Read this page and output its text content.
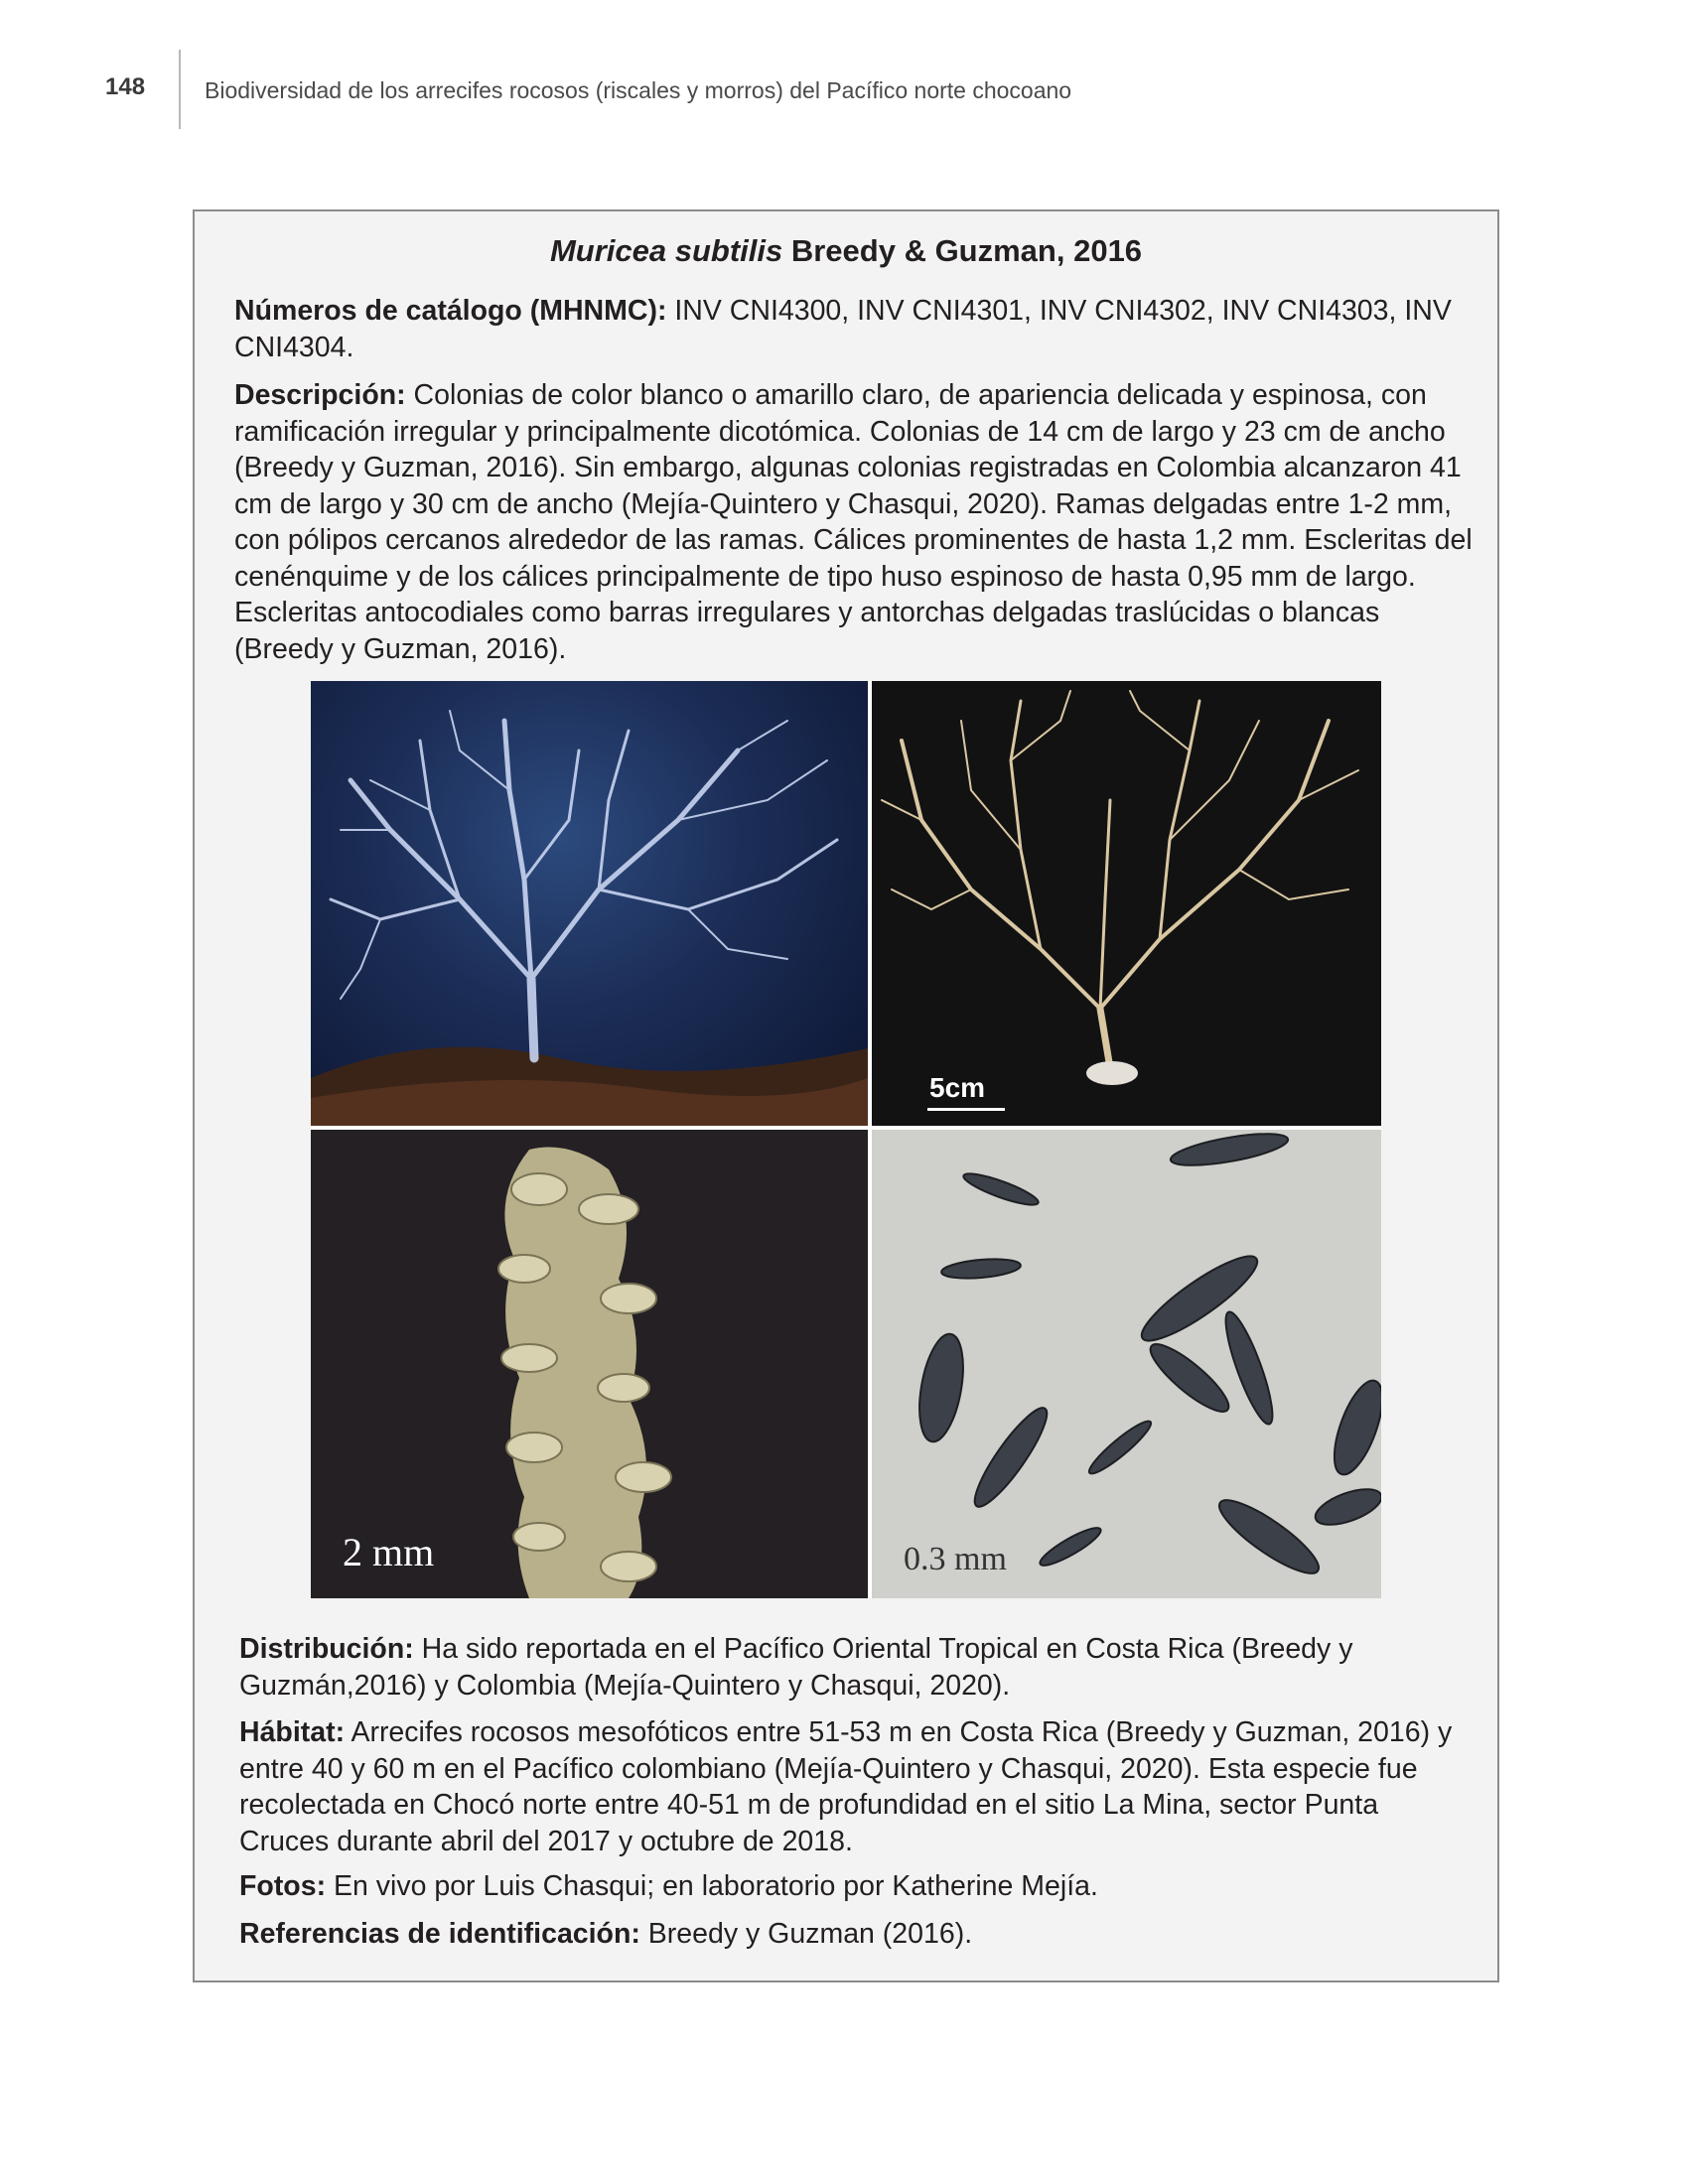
148	Biodiversidad de los arrecifes rocosos (riscales y morros) del Pacífico norte chocoano
Muricea subtilis Breedy & Guzman, 2016

Números de catálogo (MHNMC): INV CNI4300, INV CNI4301, INV CNI4302, INV CNI4303, INV CNI4304.

Descripción: Colonias de color blanco o amarillo claro, de apariencia delicada y espinosa, con ramificación irregular y principalmente dicotómica. Colonias de 14 cm de largo y 23 cm de ancho (Breedy y Guzman, 2016). Sin embargo, algunas colonias registradas en Colombia alcanzaron 41 cm de largo y 30 cm de ancho (Mejía-Quintero y Chasqui, 2020). Ramas delgadas entre 1-2 mm, con pólipos cercanos alrededor de las ramas. Cálices prominentes de hasta 1,2 mm. Escleritas del cenénquime y de los cálices principalmente de tipo huso espinoso de hasta 0,95 mm de largo. Escleritas antocodiales como barras irregulares y antorchas delgadas traslúcidas o blancas (Breedy y Guzman, 2016).

5cm
2 mm	0.3 mm

Distribución: Ha sido reportada en el Pacífico Oriental Tropical en Costa Rica (Breedy y Guzmán,2016) y Colombia (Mejía-Quintero y Chasqui, 2020).

Hábitat: Arrecifes rocosos mesofóticos entre 51-53 m en Costa Rica (Breedy y Guzman, 2016) y entre 40 y 60 m en el Pacífico colombiano (Mejía-Quintero y Chasqui, 2020). Esta especie fue recolectada en Chocó norte entre 40-51 m de profundidad en el sitio La Mina, sector Punta Cruces durante abril del 2017 y octubre de 2018.

Fotos: En vivo por Luis Chasqui; en laboratorio por Katherine Mejía.

Referencias de identificación: Breedy y Guzman (2016).
